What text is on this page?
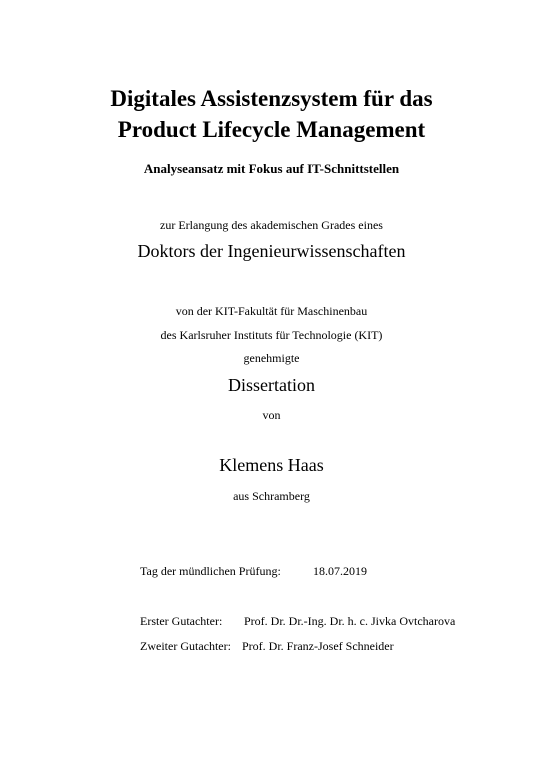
Digitales Assistenzsystem für das
Product Lifecycle Management
Analyseansatz mit Fokus auf IT-Schnittstellen
zur Erlangung des akademischen Grades eines
Doktors der Ingenieurwissenschaften
von der KIT-Fakultät für Maschinenbau
des Karlsruher Instituts für Technologie (KIT)
genehmigte
Dissertation
von
Klemens Haas
aus Schramberg
Tag der mündlichen Prüfung:	18.07.2019
Erster Gutachter: Prof. Dr. Dr.-Ing. Dr. h. c. Jivka Ovtcharova
Zweiter Gutachter: Prof. Dr. Franz-Josef Schneider
